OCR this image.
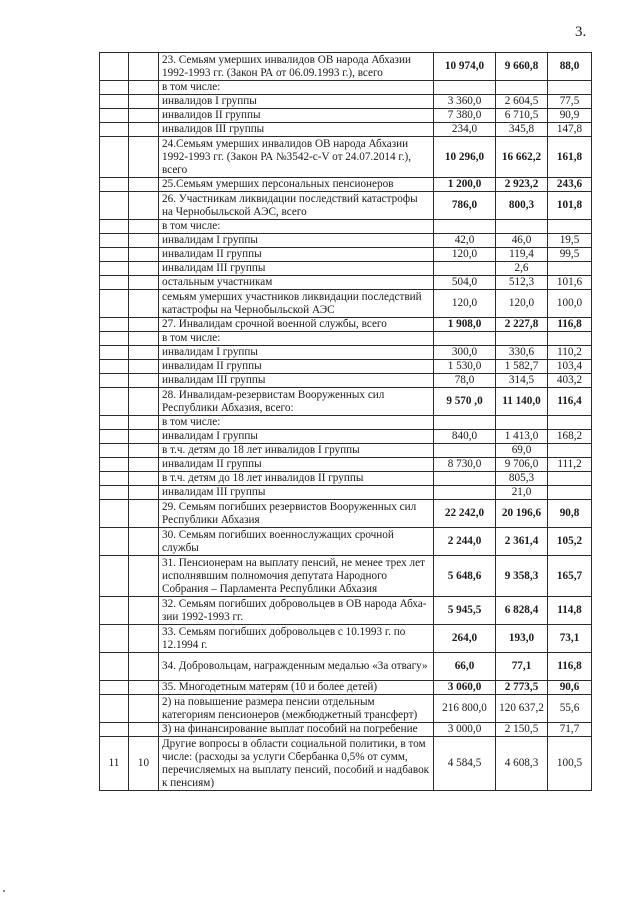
3.
		23. Семьям умерших инвалидов ОВ народа Абхазии 1992-1993 гг. (Закон РА от 06.09.1993 г.), всего	10 974,0	9 660,8	88,0
		в том числе:			
		инвалидов I группы	3 360,0	2 604,5	77,5
		инвалидов II группы	7 380,0	6 710,5	90,9
		инвалидов III группы	234,0	345,8	147,8
		24.Семьям умерших инвалидов ОВ народа Абхазии 1992-1993 гг. (Закон РА №3542-с-V от 24.07.2014 г.), всего	10 296,0	16 662,2	161,8
		25.Семьям умерших персональных пенсионеров	1 200,0	2 923,2	243,6
		26. Участникам ликвидации последствий катастрофы на Чернобыльской АЭС, всего	786,0	800,3	101,8
		в том числе:			
		инвалидам I группы	42,0	46,0	19,5
		инвалидам II группы	120,0	119,4	99,5
		инвалидам III группы		2,6	
		остальным участникам	504,0	512,3	101,6
		семьям умерших участников ликвидации последствий катастрофы на Чернобыльской АЭС	120,0	120,0	100,0
		27. Инвалидам срочной военной службы, всего	1 908,0	2 227,8	116,8
		в том числе:			
		инвалидам I группы	300,0	330,6	110,2
		инвалидам II группы	1 530,0	1 582,7	103,4
		инвалидам III группы	78,0	314,5	403,2
		28. Инвалидам-резервистам Вооруженных сил Республики Абхазия, всего:	9 570 ,0	11 140,0	116,4
		в том числе:			
		инвалидам I группы	840,0	1 413,0	168,2
		в т.ч. детям до 18 лет инвалидов I группы		69,0	
		инвалидам II группы	8 730,0	9 706,0	111,2
		в т.ч. детям до 18 лет инвалидов II группы		805,3	
		инвалидам III группы		21,0	
		29. Семьям погибших резервистов Вооруженных сил Республики Абхазия	22 242,0	20 196,6	90,8
		30. Семьям погибших военнослужащих срочной службы	2 244,0	2 361,4	105,2
		31. Пенсионерам на выплату пенсий, не менее трех лет исполнявшим полномочия депутата Народного Собрания – Парламента Республики Абхазия	5 648,6	9 358,3	165,7
		32. Семьям погибших добровольцев в ОВ народа Абха-зии 1992-1993 гг.	5 945,5	6 828,4	114,8
		33. Семьям погибших добровольцев с 10.1993 г. по 12.1994 г.	264,0	193,0	73,1
		34. Добровольцам, награжденным медалью «За отвагу»	66,0	77,1	116,8
		35. Многодетным матерям (10 и более детей)	3 060,0	2 773,5	90,6
		2) на повышение размера пенсии отдельным категориям пенсионеров (межбюджетный трансферт)	216 800,0	120 637,2	55,6
		3) на финансирование выплат пособий на погребение	3 000,0	2 150,5	71,7
11	10	Другие вопросы в области социальной политики, в том числе: (расходы за услуги Сбербанка 0,5% от сумм, перечисляемых на выплату пенсий, пособий и надбавок к пенсиям)	4 584,5	4 608,3	100,5
